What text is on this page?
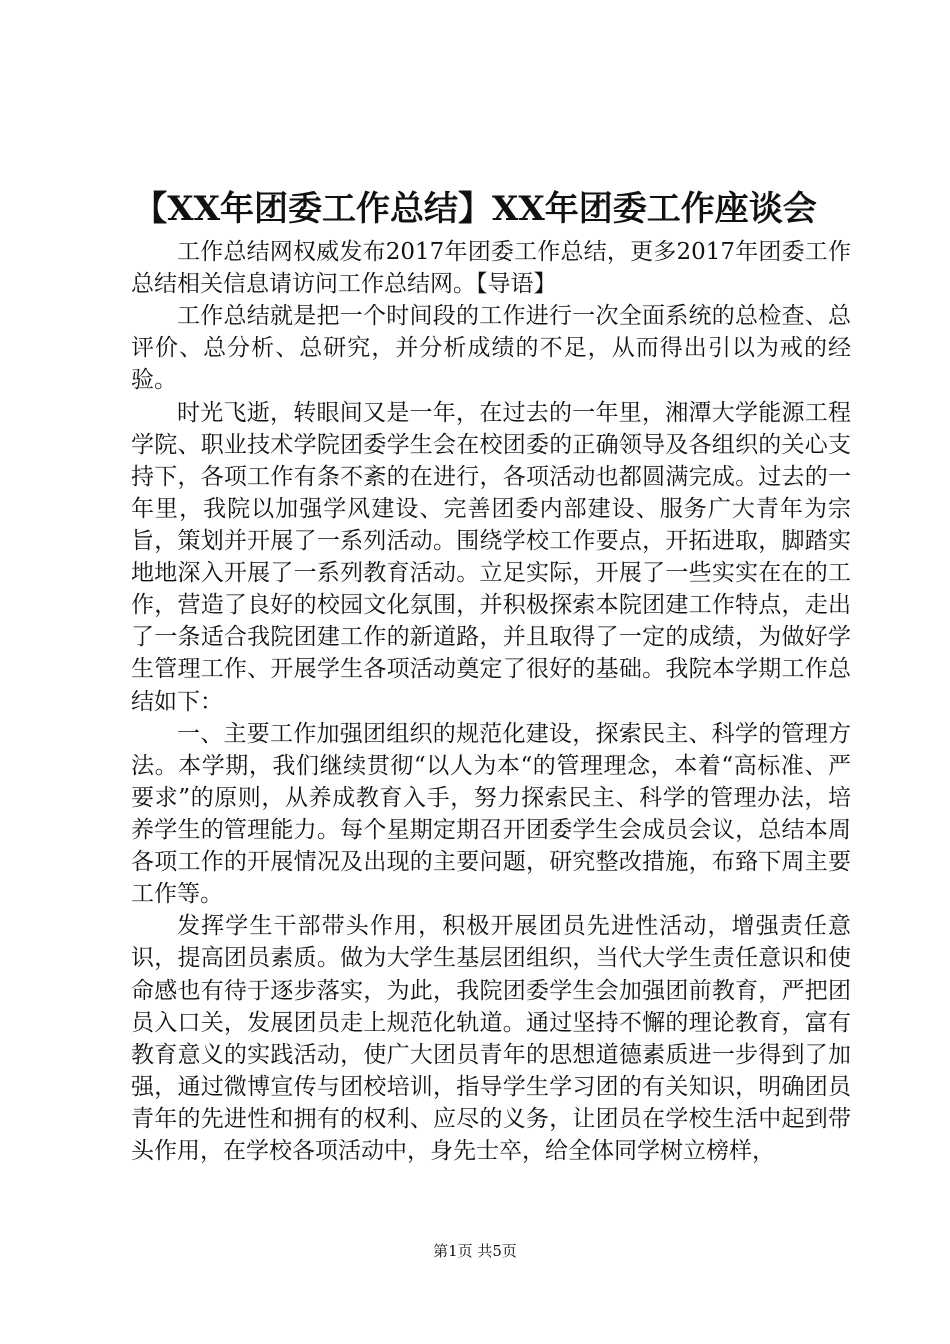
【XX年团委工作总结】XX年团委工作座谈会

工作总结网权威发布2017年团委工作总结，更多2017年团委工作总结相关信息请访问工作总结网。【导语】

工作总结就是把一个时间段的工作进行一次全面系统的总检查、总评价、总分析、总研究，并分析成绩的不足，从而得出引以为戒的经验。

时光飞逝，转眼间又是一年，在过去的一年里，湘潭大学能源工程学院、职业技术学院团委学生会在校团委的正确领导及各组织的关心支持下，各项工作有条不紊的在进行，各项活动也都圆满完成。过去的一年里，我院以加强学风建设、完善团委内部建设、服务广大青年为宗旨，策划并开展了一系列活动。围绕学校工作要点，开拓进取，脚踏实地地深入开展了一系列教育活动。立足实际，开展了一些实实在在的工作，营造了良好的校园文化氛围，并积极探索本院团建工作特点，走出了一条适合我院团建工作的新道路，并且取得了一定的成绩，为做好学生管理工作、开展学生各项活动奠定了很好的基础。我院本学期工作总结如下：

一、主要工作加强团组织的规范化建设，探索民主、科学的管理方法。本学期，我们继续贯彻“以人为本“的管理理念，本着“高标准、严要求”的原则，从养成教育入手，努力探索民主、科学的管理办法，培养学生的管理能力。每个星期定期召开团委学生会成员会议，总结本周各项工作的开展情况及出现的主要问题，研究整改措施，布臵下周主要工作等。

发挥学生干部带头作用，积极开展团员先进性活动，增强责任意识，提高团员素质。做为大学生基层团组织，当代大学生责任意识和使命感也有待于逐步落实，为此，我院团委学生会加强团前教育，严把团员入口关，发展团员走上规范化轨道。通过坚持不懈的理论教育，富有教育意义的实践活动，使广大团员青年的思想道德素质进一步得到了加强，通过微博宣传与团校培训，指导学生学习团的有关知识，明确团员青年的先进性和拥有的权利、应尽的义务，让团员在学校生活中起到带头作用，在学校各项活动中，身先士卒，给全体同学树立榜样，

第1页 共5页
